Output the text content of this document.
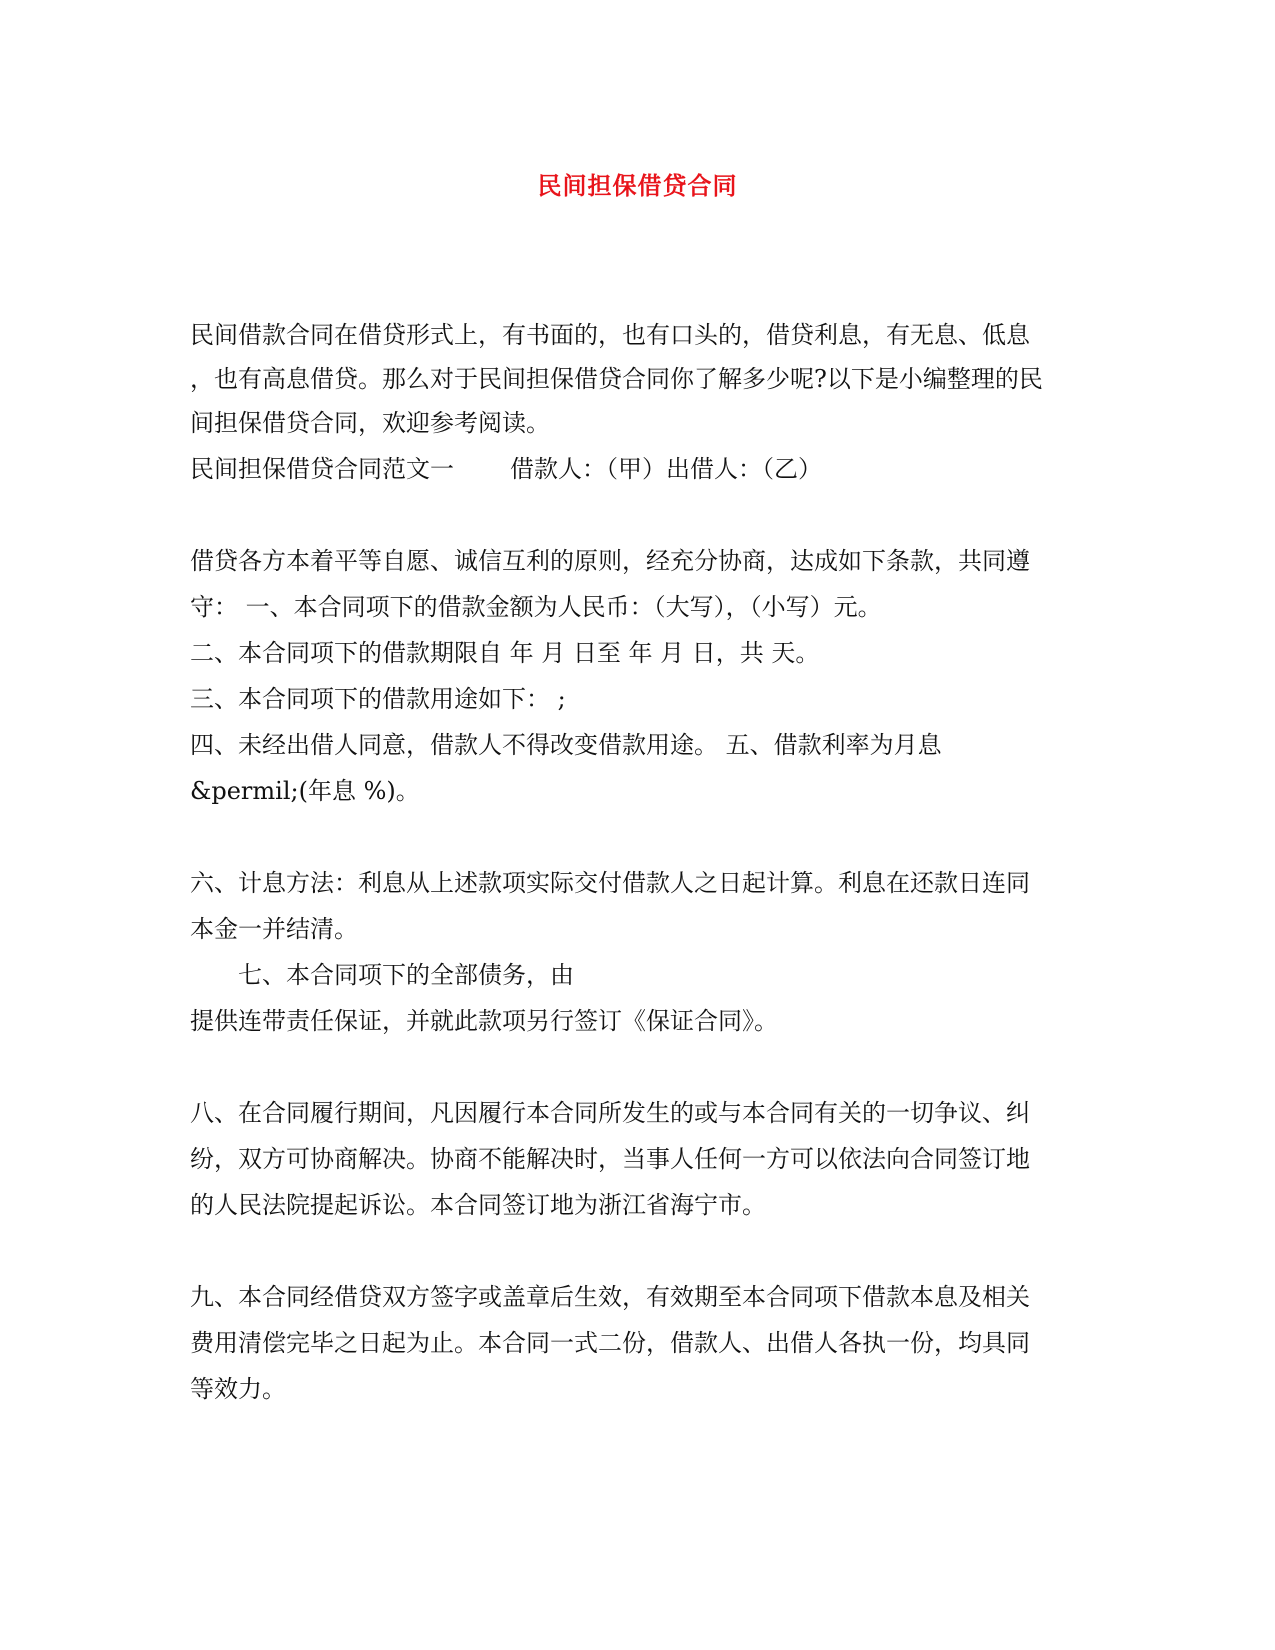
民间担保借贷合同
民间借款合同在借贷形式上，有书面的，也有口头的，借贷利息，有无息、低息
，也有高息借贷。那么对于民间担保借贷合同你了解多少呢?以下是小编整理的民
间担保借贷合同，欢迎参考阅读。
民间担保借贷合同范文一 借款人：（甲）出借人：（乙）
借贷各方本着平等自愿、诚信互利的原则，经充分协商，达成如下条款，共同遵
守： 一、本合同项下的借款金额为人民币：（大写），（小写）元。
二、本合同项下的借款期限自 年 月 日至 年 月 日，共 天。
三、本合同项下的借款用途如下： ;
四、未经出借人同意，借款人不得改变借款用途。 五、借款利率为月息
&permil;(年息 %)。
六、计息方法：利息从上述款项实际交付借款人之日起计算。利息在还款日连同
本金一并结清。
七、本合同项下的全部债务，由
提供连带责任保证，并就此款项另行签订《保证合同》。
八、在合同履行期间，凡因履行本合同所发生的或与本合同有关的一切争议、纠
纷，双方可协商解决。协商不能解决时，当事人任何一方可以依法向合同签订地
的人民法院提起诉讼。本合同签订地为浙江省海宁市。
九、本合同经借贷双方签字或盖章后生效，有效期至本合同项下借款本息及相关
费用清偿完毕之日起为止。本合同一式二份，借款人、出借人各执一份，均具同
等效力。
